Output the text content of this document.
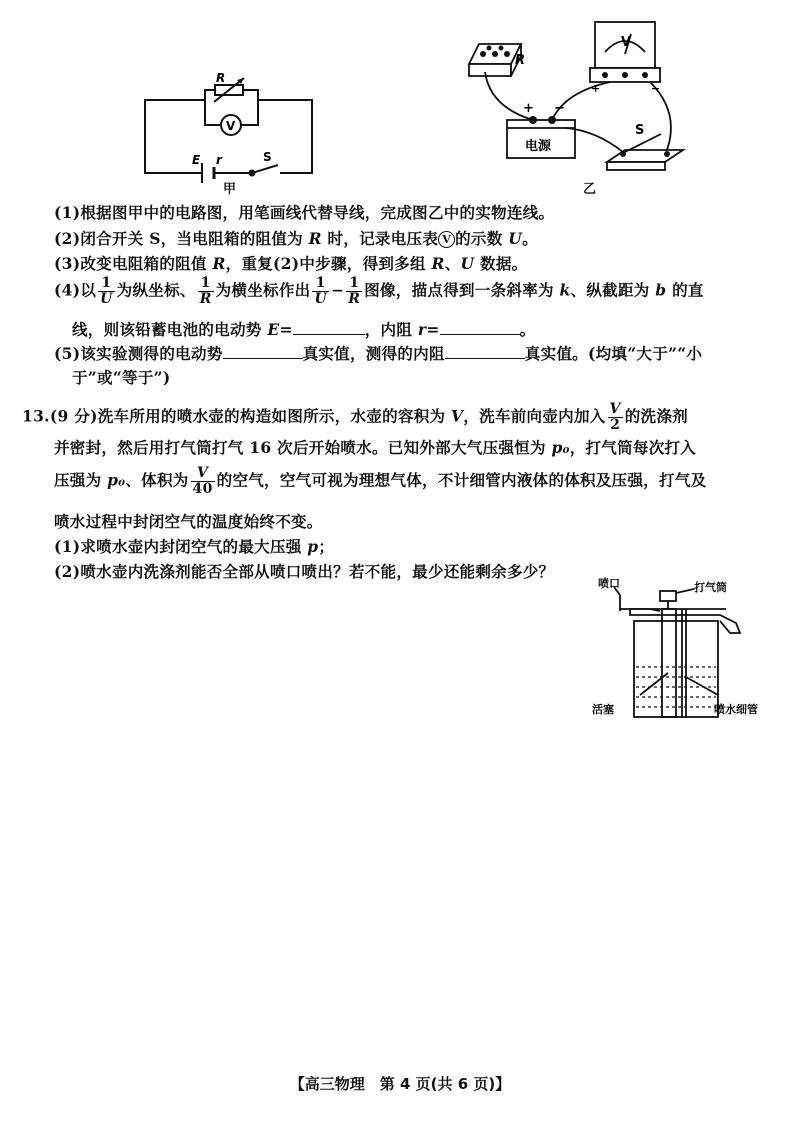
R
V
E r	S
甲
R
V
电源
+ −
S
+	−
乙
(1)根据图甲中的电路图，用笔画线代替导线，完成图乙中的实物连线。
(2)闭合开关 S，当电阻箱的阻值为 R 时，记录电压表 V 的示数 U。
(3)改变电阻箱的阻值 R，重复(2)中步骤，得到多组 R、U 数据。
(4)以 $\frac{1}{U}$ 为纵坐标、 $\frac{1}{R}$ 为横坐标作出 $\frac{1}{U} - \frac{1}{R}$ 图像，描点得到一条斜率为 k、纵截距为 b 的直
线，则该铅蓄电池的电动势 E=	，内阻 r=	。
(5)该实验测得的电动势	真实值，测得的内阻	真实值。(均填“大于”“小
于”或“等于”)
13.(9 分)洗车所用的喷水壶的构造如图所示，水壶的容积为 V，洗车前向壶内加入 $\frac{V}{2}$ 的洗涤剂
并密封，然后用打气筒打气 16 次后开始喷水。已知外部大气压强恒为 p₀，打气筒每次打入
压强为 p₀、体积为 $\frac{V}{40}$ 的空气，空气可视为理想气体，不计细管内液体的体积及压强，打气及
喷水过程中封闭空气的温度始终不变。
(1)求喷水壶内封闭空气的最大压强 p；
(2)喷水壶内洗涤剂能否全部从喷口喷出？若不能，最少还能剩余多少？
喷口	打气筒
活塞	喷水细管
【高三物理　第 4 页(共 6 页)】
